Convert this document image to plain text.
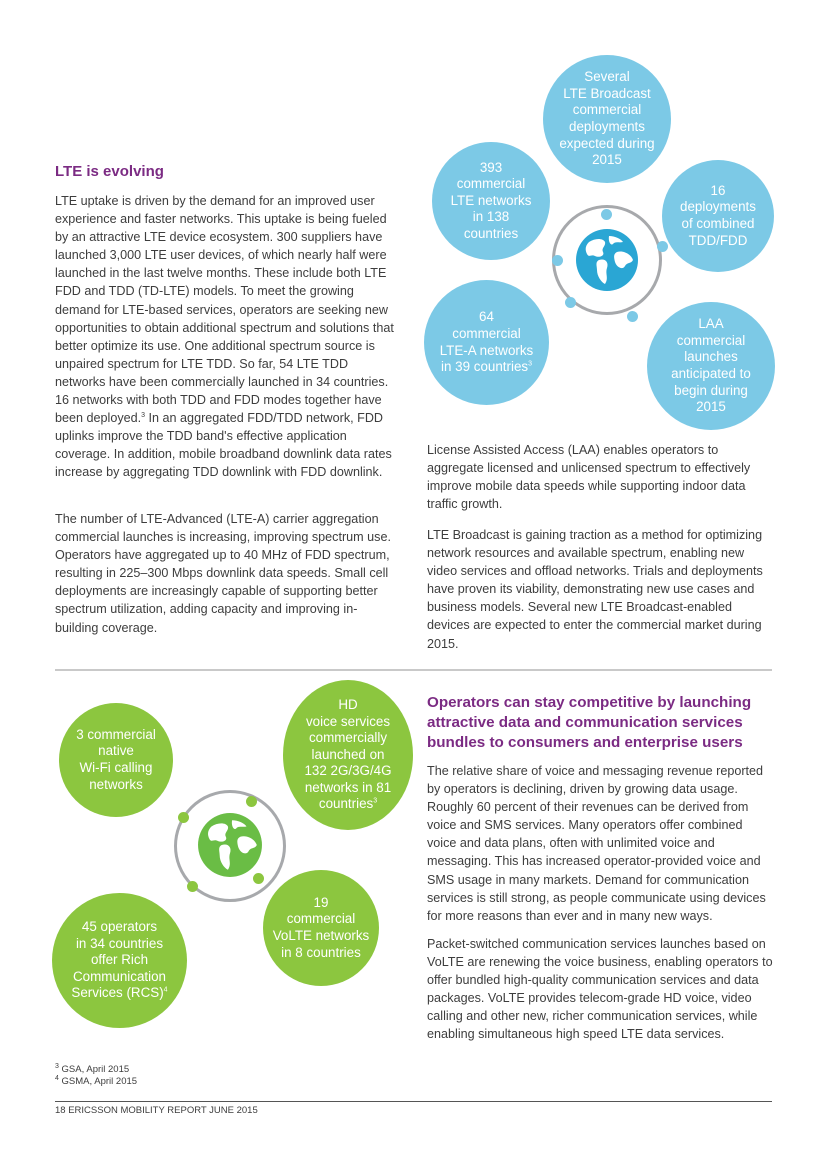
LTE is evolving

LTE uptake is driven by the demand for an improved user experience and faster networks. This uptake is being fueled by an attractive LTE device ecosystem. 300 suppliers have launched 3,000 LTE user devices, of which nearly half were launched in the last twelve months. These include both LTE FDD and TDD (TD-LTE) models. To meet the growing demand for LTE-based services, operators are seeking new opportunities to obtain additional spectrum and solutions that better optimize its use. One additional spectrum source is unpaired spectrum for LTE TDD. So far, 54 LTE TDD networks have been commercially launched in 34 countries. 16 networks with both TDD and FDD modes together have been deployed.$^3$ In an aggregated FDD/TDD network, FDD uplinks improve the TDD band's effective application coverage. In addition, mobile broadband downlink data rates increase by aggregating TDD downlink with FDD downlink.

The number of LTE-Advanced (LTE-A) carrier aggregation commercial launches is increasing, improving spectrum use. Operators have aggregated up to 40 MHz of FDD spectrum, resulting in 225–300 Mbps downlink data speeds. Small cell deployments are increasingly capable of supporting better spectrum utilization, adding capacity and improving in-building coverage.

Several
LTE Broadcast
commercial
deployments
expected during
2015
393
commercial
LTE networks
in 138
countries
16
deployments
of combined
TDD/FDD
64
commercial
LTE-A networks
in 39 countries$^3$
LAA
commercial
launches
anticipated to
begin during
2015

License Assisted Access (LAA) enables operators to aggregate licensed and unlicensed spectrum to effectively improve mobile data speeds while supporting indoor data traffic growth.

LTE Broadcast is gaining traction as a method for optimizing network resources and available spectrum, enabling new video services and offload networks. Trials and deployments have proven its viability, demonstrating new use cases and business models. Several new LTE Broadcast-enabled devices are expected to enter the commercial market during 2015.

3 commercial
native
Wi-Fi calling
networks
HD
voice services
commercially
launched on
132 2G/3G/4G
networks in 81
countries$^3$
45 operators
in 34 countries
offer Rich
Communication
Services (RCS)$^4$
19
commercial
VoLTE networks
in 8 countries
Operators can stay competitive by launching attractive data and communication services bundles to consumers and enterprise users

The relative share of voice and messaging revenue reported by operators is declining, driven by growing data usage. Roughly 60 percent of their revenues can be derived from voice and SMS services. Many operators offer combined voice and data plans, often with unlimited voice and messaging. This has increased operator-provided voice and SMS usage in many markets. Demand for communication services is still strong, as people communicate using devices for more reasons than ever and in many new ways.

Packet-switched communication services launches based on VoLTE are renewing the voice business, enabling operators to offer bundled high-quality communication services and data packages. VoLTE provides telecom-grade HD voice, video calling and other new, richer communication services, while enabling simultaneous high speed LTE data services.

$^3$ GSA, April 2015
$^4$ GSMA, April 2015
18 ERICSSON MOBILITY REPORT JUNE 2015
